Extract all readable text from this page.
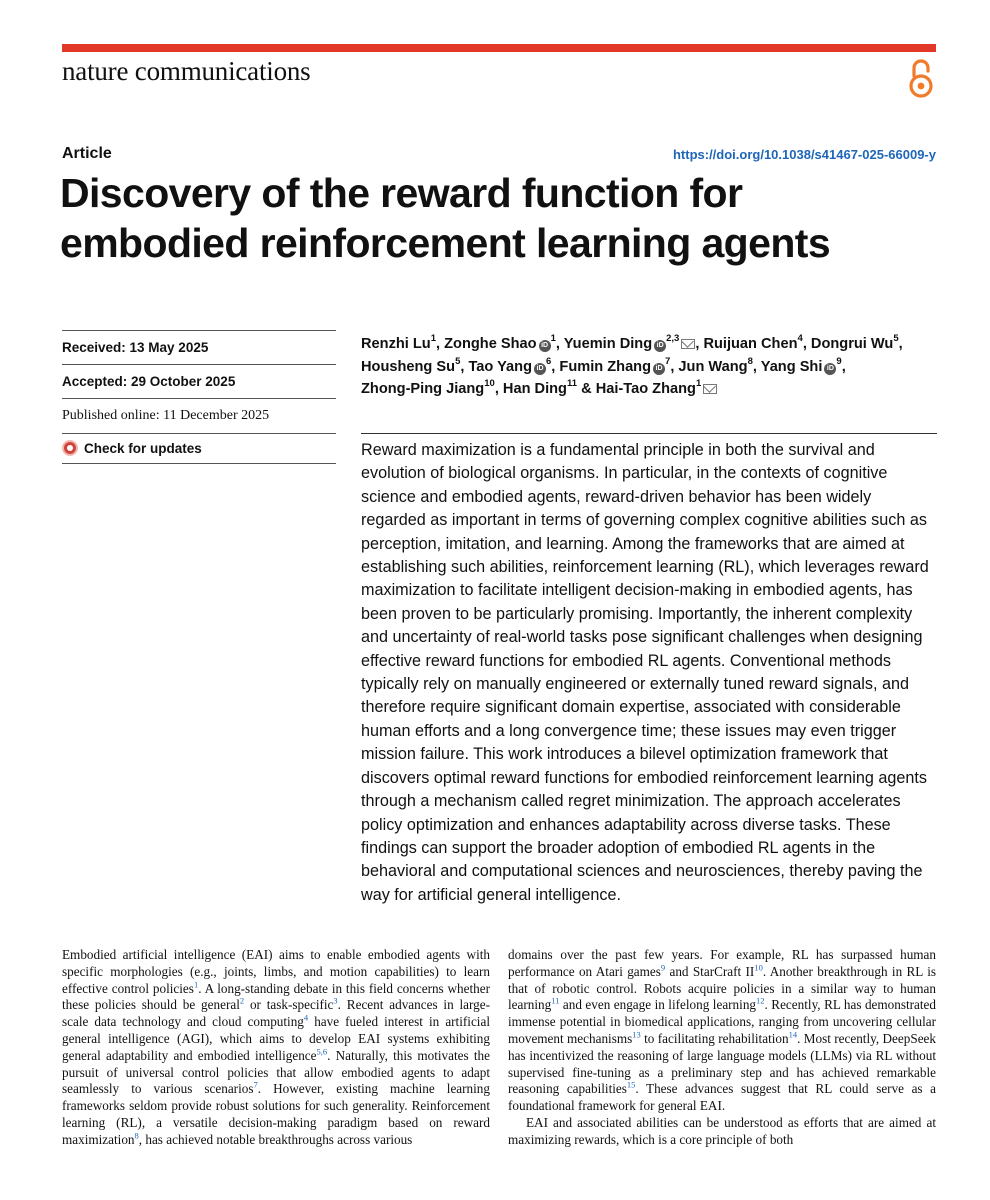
nature communications
Article	https://doi.org/10.1038/s41467-025-66009-y
Discovery of the reward function for embodied reinforcement learning agents
Received: 13 May 2025
Accepted: 29 October 2025
Published online: 11 December 2025
Check for updates
Renzhi Lu$^1$, Zonghe Shao $iD^1$, Yuemin Ding iD$^{2,3}$ , Ruijuan Chen$^4$, Dongrui Wu$^5$, Housheng Su$^5$, Tao Yang $iD^6$, Fumin Zhang $iD^7$, Jun Wang$^8$, Yang Shi $iD^9$, Zhong-Ping Jiang$^{10}$, Han Ding$^{11}$ & Hai-Tao Zhang$^1$

Reward maximization is a fundamental principle in both the survival and evolution of biological organisms. In particular, in the contexts of cognitive science and embodied agents, reward-driven behavior has been widely regarded as important in terms of governing complex cognitive abilities such as perception, imitation, and learning. Among the frameworks that are aimed at establishing such abilities, reinforcement learning (RL), which leverages reward maximization to facilitate intelligent decision-making in embodied agents, has been proven to be particularly promising. Importantly, the inherent complexity and uncertainty of real-world tasks pose significant challenges when designing effective reward functions for embodied RL agents. Conventional methods typically rely on manually engineered or externally tuned reward signals, and therefore require significant domain expertise, associated with considerable human efforts and a long convergence time; these issues may even trigger mission failure. This work introduces a bilevel optimization framework that discovers optimal reward functions for embodied reinforcement learning agents through a mechanism called regret minimization. The approach accelerates policy optimization and enhances adaptability across diverse tasks. These findings can support the broader adoption of embodied RL agents in the behavioral and computational sciences and neurosciences, thereby paving the way for artificial general intelligence.

Embodied artificial intelligence (EAI) aims to enable embodied agents with specific morphologies (e.g., joints, limbs, and motion capabilities) to learn effective control policies$^1$. A long-standing debate in this field concerns whether these policies should be general$^2$ or task-specific$^3$. Recent advances in large-scale data technology and cloud computing$^4$ have fueled interest in artificial general intelligence (AGI), which aims to develop EAI systems exhibiting general adaptability and embodied intelligence$^{5,6}$. Naturally, this motivates the pursuit of universal control policies that allow embodied agents to adapt seamlessly to various scenarios$^7$. However, existing machine learning frameworks seldom provide robust solutions for such generality. Reinforcement learning (RL), a versatile decision-making paradigm based on reward maximization$^8$, has achieved notable breakthroughs across various

domains over the past few years. For example, RL has surpassed human performance on Atari games$^9$ and StarCraft II$^{10}$. Another breakthrough in RL is that of robotic control. Robots acquire policies in a similar way to human learning$^{11}$ and even engage in lifelong learning$^{12}$. Recently, RL has demonstrated immense potential in biomedical applications, ranging from uncovering cellular movement mechanisms$^{13}$ to facilitating rehabilitation$^{14}$. Most recently, DeepSeek has incentivized the reasoning of large language models (LLMs) via RL without supervised fine-tuning as a preliminary step and has achieved remarkable reasoning capabilities$^{15}$. These advances suggest that RL could serve as a foundational framework for general EAI.

EAI and associated abilities can be understood as efforts that are aimed at maximizing rewards, which is a core principle of both
